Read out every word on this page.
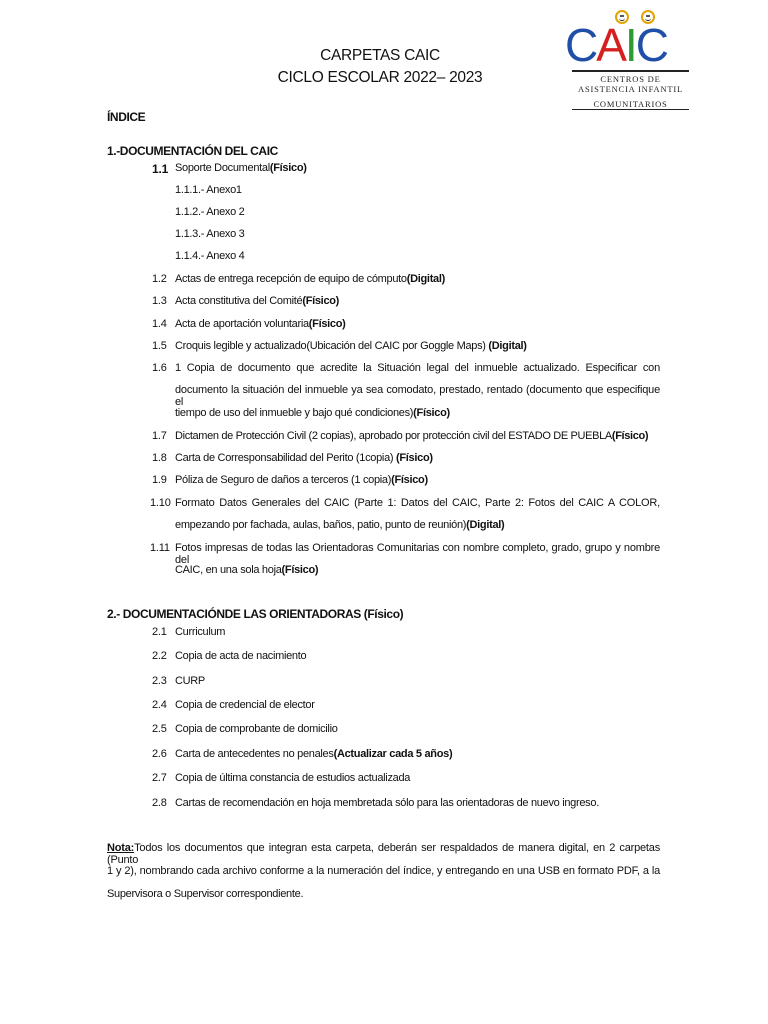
CARPETAS CAIC
CICLO ESCOLAR 2022– 2023
CAIC
CENTROS DE
ASISTENCIA INFANTIL
COMUNITARIOS
ÍNDICE
1.-DOCUMENTACIÓN DEL CAIC
1.1 Soporte Documental(Físico)
1.1.1.- Anexo1
1.1.2.- Anexo 2
1.1.3.- Anexo 3
1.1.4.- Anexo 4
1.2 Actas de entrega recepción de equipo de cómputo(Digital)
1.3 Acta constitutiva del Comité(Físico)
1.4 Acta de aportación voluntaria(Físico)
1.5 Croquis legible y actualizado(Ubicación del CAIC por Goggle Maps) (Digital)
1.6 1 Copia de documento que acredite la Situación legal del inmueble actualizado. Especificar con
documento la situación del inmueble ya sea comodato, prestado, rentado (documento que especifique el
tiempo de uso del inmueble y bajo qué condiciones)(Físico)
1.7 Dictamen de Protección Civil (2 copias), aprobado por protección civil del ESTADO DE PUEBLA(Físico)
1.8 Carta de Corresponsabilidad del Perito (1copia) (Físico)
1.9 Póliza de Seguro de daños a terceros (1 copia)(Físico)
1.10 Formato Datos Generales del CAIC (Parte 1: Datos del CAIC, Parte 2: Fotos del CAIC A COLOR,
empezando por fachada, aulas, baños, patio, punto de reunión)(Digital)
1.11 Fotos impresas de todas las Orientadoras Comunitarias con nombre completo, grado, grupo y nombre del
CAIC, en una sola hoja(Físico)
2.- DOCUMENTACIÓNDE LAS ORIENTADORAS (Físico)
2.1 Curriculum
2.2 Copia de acta de nacimiento
2.3 CURP
2.4 Copia de credencial de elector
2.5 Copia de comprobante de domicilio
2.6 Carta de antecedentes no penales(Actualizar cada 5 años)
2.7 Copia de última constancia de estudios actualizada
2.8 Cartas de recomendación en hoja membretada sólo para las orientadoras de nuevo ingreso.
Nota:Todos los documentos que integran esta carpeta, deberán ser respaldados de manera digital, en 2 carpetas (Punto
1 y 2), nombrando cada archivo conforme a la numeración del índice, y entregando en una USB en formato PDF, a la
Supervisora o Supervisor correspondiente.
